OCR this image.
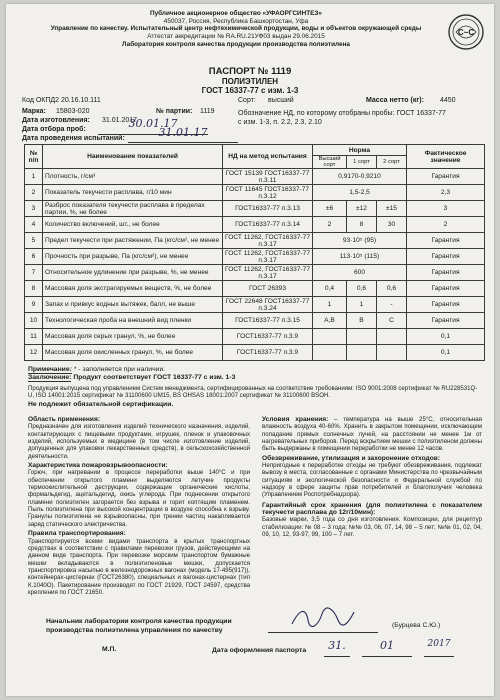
Публичное акционерное общество «УФАОРГСИНТЕЗ»
450037, Россия, Республика Башкортостан, Уфа
Управление по качеству. Испытательный центр нефтехимической продукции, воды и объектов окружающей среды
Аттестат аккредитации № RA.RU.21УФ03 выдан 29.06.2015
Лаборатория контроля качества продукции производства полиэтилена
С~С
ПАСПОРТ № 1119
ПОЛИЭТИЛЕН
ГОСТ 16337-77 с изм. 1-3
Код ОКПД2 20.16.10.111	Сорт: высший	Масса нетто (кг): 4450
Марка: 15803-020	№ партии: 1119
Дата изготовления: 31.01.2017
Обозначение НД, по которому отобраны пробы: ГОСТ 16337-77
с изм. 1-3, п. 2.2, 2.3, 2.10
Дата отбора проб:	30.01.17
Дата проведения испытаний:	31.01.17
№ п/п	Наименование показателей	НД на метод испытания	Норма			Фактическое значение
			Высший сорт	1 сорт	2 сорт	
1	Плотность, г/см³	ГОСТ 15139 ГОСТ16337-77 п.3.11	0,9170-0,9210			Гарантия
2	Показатель текучести расплава, г/10 мин	ГОСТ 11645 ГОСТ16337-77 п.3.12	1,5-2,5			2,3
3	Разброс показателя текучести расплава в пределах партии, %, не более	ГОСТ16337-77 п.3.13	±6	±12	±15	3
4	Количество включений, шт., не более	ГОСТ16337-77 п.3.14	2	8	30	2
5	Предел текучести при растяжении, Па (кгс/см², не менее	ГОСТ 11262, ГОСТ16337-77 п.3.17	93·10⁵ (95)			Гарантия
6	Прочность при разрыве, Па (кгс/см²), не менее	ГОСТ 11262, ГОСТ16337-77 п.3.17	113·10⁵ (115)			Гарантия
7	Относительное удлинение при разрыве, %, не менее	ГОСТ 11262, ГОСТ16337-77 п.3.17	600			Гарантия
8	Массовая доля экстрагируемых веществ, %, не более	ГОСТ 26393	0,4	0,6	0,6	Гарантия
9	Запах и привкус водных вытяжек, балл, не выше	ГОСТ 22648 ГОСТ16337-77 п.3.24	1	1	-	Гарантия
10	Технологическая проба на внешний вид пленки	ГОСТ16337-77 п.3.15	А,В	В	С	Гарантия
11	Массовая доля серых гранул, %, не более	ГОСТ16337-77 п.3.9				0,1
12	Массовая доля окисленных гранул, %, не более	ГОСТ16337-77 п.3.9				0,1
Примечание: * - заполняется при наличии.
Заключение: Продукт соответствует ГОСТ 16337-77 с изм. 1-3
Продукция выпущена под управлением Систем менеджмента, сертифицированных на соответствие требованиям: ISO 9001:2008 сертификат № RU228531Q-U, ISO 14001:2015 сертификат № 31100600 UM15, BS OHSAS 18001:2007 сертификат № 31100600 BSOH.
Не подлежит обязательной сертификации.
Область применения:
Предназначен для изготовления изделий технического назначения, изделий, контактирующих с пищевыми продуктами, игрушек, пленок и упаковочных изделий, используемых в медицине (в том числе изготовление изделий, допущенных для упаковки лекарственных средств), в сельскохозяйственной деятельности.
Характеристика пожаровзрывоопасности:
Горюч, при нагревании в процессе переработки выше 140°С и при обеспечении открытого пламени выделяются летучие продукты термоокислительной деструкции, содержащие органические кислоты, формальдегид, ацетальдегид, окись углерода. При поднесении открытого пламени полиэтилен загорается без взрыва и горит коптящим пламенем. Пыль полиэтилена при высокой концентрации в воздухе способна к взрыву. Гранулы полиэтилена не взрывоопасны, при трении частиц накапливается заряд статического электричества.
Правила транспортирования:
Транспортируется всеми видами транспорта в крытых транспортных средствах в соответствии с правилами перевозки грузов, действующими на данном виде транспорта. При перевозке морским транспортом бумажные мешки вкладываются в полиэтиленовые мешки, допускается транспортировка насыпью в железнодорожных вагонах (модель 17-495(917)), контейнерах-цистернах (ГОСТ26380), специальных и вагонах-цистернах (тип К.1040О). Пакетирование производят по ГОСТ 21929, ГОСТ 24597, средства крепления по ГОСТ 21650.
Условия хранения: – температура на выше 25°С, относительная влажность воздуха 40-60%. Хранить в закрытом помещении, исключающем попадание прямых солнечных лучей, на расстоянии не менее 1м от нагревательных приборов. Перед вскрытием мешки с полиэтиленом должны быть выдержаны в помещении переработки не менее 12 часов.
Обезвреживание, утилизация и захоронение отходов:
Непригодные к переработке отходы не требуют обезвреживания, подлежат вывозу в места, согласованные с органами Министерства по чрезвычайным ситуациям и экологической безопасности и Федеральной службой по надзору в сфере защиты прав потребителей и благополучия человека (Управлением Роспотребнадзора).
Гарантийный срок хранения (для полиэтилена с показателем текучести расплава до 12г/10мин):
Базовые марки, 3,5 года со дня изготовления. Композиции, для рецептур стабилизации: № 08 – 3 года; №№ 03, 06, 07, 14, 98 – 5 лет; №№ 01, 02, 04, 09, 10, 12, 93-97, 99, 100 – 7 лет.
Начальник лаборатории контроля качества продукции
производства полиэтилена управления по качеству
(Бурцева С.Ю.)
М.П.	Дата оформления паспорта	31.	01	2017
